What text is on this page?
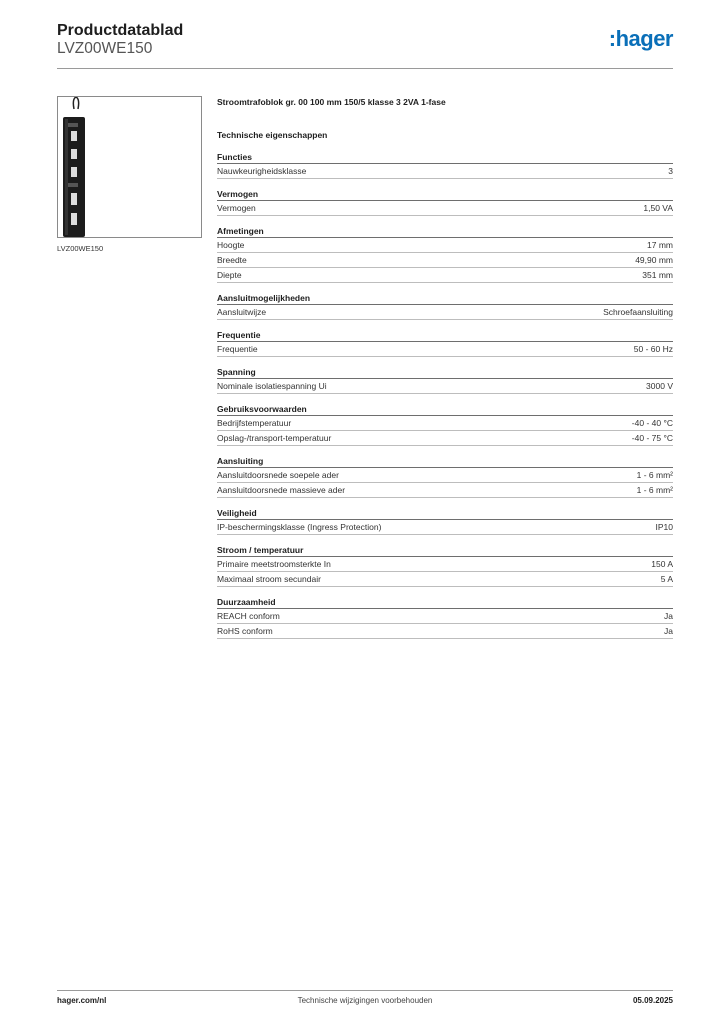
Productdatablad
LVZ00WE150	:hager
LVZ00WE150
Stroomtrafoblok gr. 00 100 mm 150/5 klasse 3 2VA 1-fase
Technische eigenschappen
Functies
Nauwkeurigheidsklasse	3
Vermogen
Vermogen	1,50 VA
Afmetingen
Hoogte	17 mm
Breedte	49,90 mm
Diepte	351 mm
Aansluitmogelijkheden
Aansluitwijze	Schroefaansluiting
Frequentie
Frequentie	50 - 60 Hz
Spanning
Nominale isolatiespanning Ui	3000 V
Gebruiksvoorwaarden
Bedrijfstemperatuur	-40 - 40 °C
Opslag-/transport-temperatuur	-40 - 75 °C
Aansluiting
Aansluitdoorsnede soepele ader	1 - 6 mm²
Aansluitdoorsnede massieve ader	1 - 6 mm²
Veiligheid
IP-beschermingsklasse (Ingress Protection)	IP10
Stroom / temperatuur
Primaire meetstroomsterkte In	150 A
Maximaal stroom secundair	5 A
Duurzaamheid
REACH conform	Ja
RoHS conform	Ja
hager.com/nl	Technische wijzigingen voorbehouden	05.09.2025
